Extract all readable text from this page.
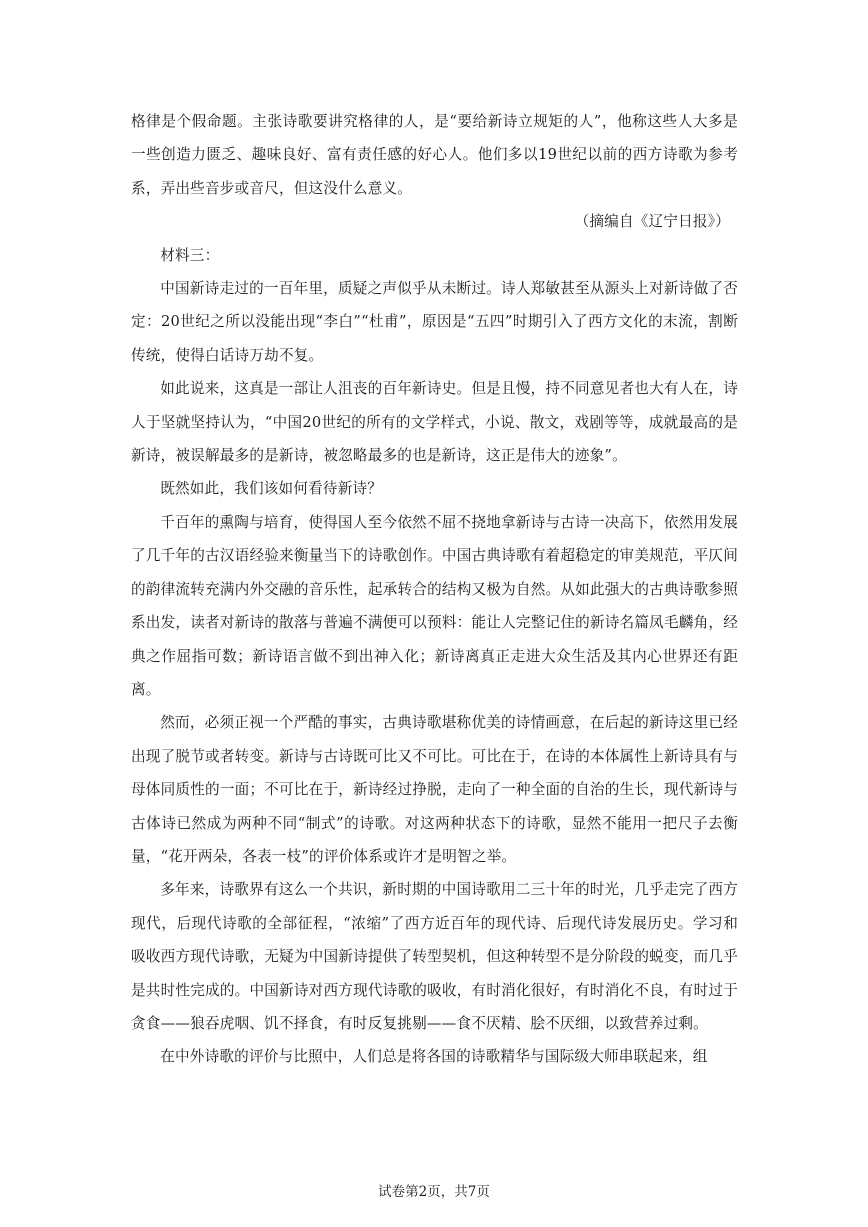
格律是个假命题。主张诗歌要讲究格律的人，是“要给新诗立规矩的人”，他称这些人大多是一些创造力匮乏、趣味良好、富有责任感的好心人。他们多以19世纪以前的西方诗歌为参考系，弄出些音步或音尺，但这没什么意义。

（摘编自《辽宁日报》）

材料三：

中国新诗走过的一百年里，质疑之声似乎从未断过。诗人郑敏甚至从源头上对新诗做了否定：20世纪之所以没能出现“李白”“杜甫”，原因是“五四”时期引入了西方文化的末流，割断传统，使得白话诗万劫不复。

如此说来，这真是一部让人沮丧的百年新诗史。但是且慢，持不同意见者也大有人在，诗人于坚就坚持认为，“中国20世纪的所有的文学样式，小说、散文，戏剧等等，成就最高的是新诗，被误解最多的是新诗，被忽略最多的也是新诗，这正是伟大的迹象”。

既然如此，我们该如何看待新诗？

千百年的熏陶与培育，使得国人至今依然不屈不挠地拿新诗与古诗一决高下，依然用发展了几千年的古汉语经验来衡量当下的诗歌创作。中国古典诗歌有着超稳定的审美规范，平仄间的韵律流转充满内外交融的音乐性，起承转合的结构又极为自然。从如此强大的古典诗歌参照系出发，读者对新诗的散落与普遍不满便可以预料：能让人完整记住的新诗名篇凤毛麟角，经典之作屈指可数；新诗语言做不到出神入化；新诗离真正走进大众生活及其内心世界还有距离。

然而，必须正视一个严酷的事实，古典诗歌堪称优美的诗情画意，在后起的新诗这里已经出现了脱节或者转变。新诗与古诗既可比又不可比。可比在于，在诗的本体属性上新诗具有与母体同质性的一面；不可比在于，新诗经过挣脱，走向了一种全面的自治的生长，现代新诗与古体诗已然成为两种不同“制式”的诗歌。对这两种状态下的诗歌，显然不能用一把尺子去衡量，“花开两朵，各表一枝”的评价体系或许才是明智之举。

多年来，诗歌界有这么一个共识，新时期的中国诗歌用二三十年的时光，几乎走完了西方现代，后现代诗歌的全部征程，“浓缩”了西方近百年的现代诗、后现代诗发展历史。学习和吸收西方现代诗歌，无疑为中国新诗提供了转型契机，但这种转型不是分阶段的蜕变，而几乎是共时性完成的。中国新诗对西方现代诗歌的吸收，有时消化很好，有时消化不良，有时过于贪食——狼吞虎咽、饥不择食，有时反复挑剔——食不厌精、脍不厌细，以致营养过剩。

在中外诗歌的评价与比照中，人们总是将各国的诗歌精华与国际级大师串联起来，组

试卷第2页，共7页
